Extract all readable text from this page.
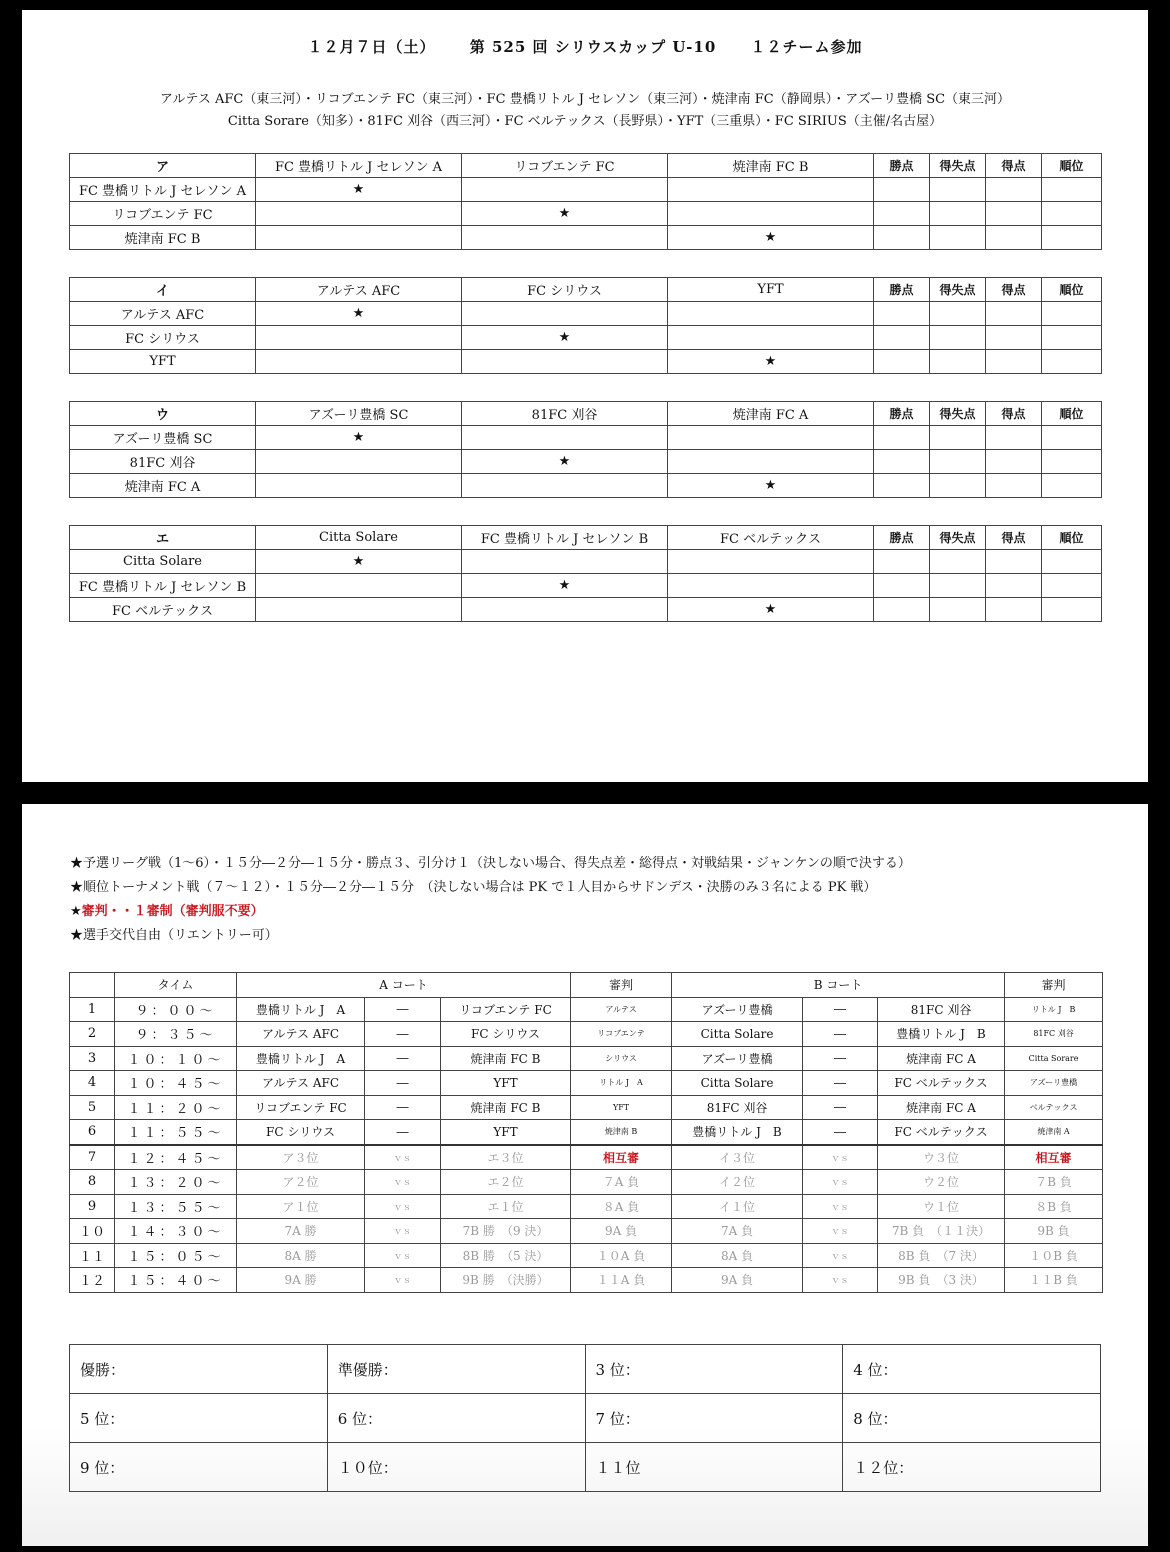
１２月７日（土） 第 525 回 シリウスカップ U-10 １２チーム参加
アルテス AFC（東三河）・リコブエンテ FC（東三河）・FC 豊橋リトル J セレソン（東三河）・焼津南 FC（静岡県）・アズーリ豊橋 SC（東三河）
Citta Sorare（知多）・81FC 刈谷（西三河）・FC ベルテックス（長野県）・YFT（三重県）・FC SIRIUS（主催/名古屋）
ア	FC 豊橋リトル J セレソン A	リコブエンテ FC	焼津南 FC B	勝点	得失点	得点	順位
FC 豊橋リトル J セレソン A	★						
リコブエンテ FC		★					
焼津南 FC B			★				
イ	アルテス AFC	FC シリウス	YFT	勝点	得失点	得点	順位
アルテス AFC	★						
FC シリウス		★					
YFT			★				
ウ	アズーリ豊橋 SC	81FC 刈谷	焼津南 FC A	勝点	得失点	得点	順位
アズーリ豊橋 SC	★						
81FC 刈谷		★					
焼津南 FC A			★				
エ	Citta Solare	FC 豊橋リトル J セレソン B	FC ベルテックス	勝点	得失点	得点	順位
Citta Solare	★						
FC 豊橋リトル J セレソン B		★					
FC ベルテックス			★				
★予選リーグ戦（1〜6）・１５分―２分―１５分・勝点３、引分け１（決しない場合、得失点差・総得点・対戦結果・ジャンケンの順で決する）
★順位トーナメント戦（７〜１２）・１５分―２分―１５分　（決しない場合は PK で１人目からサドンデス・決勝のみ３名による PK 戦）
★審判・・１審制（審判服不要）
★選手交代自由（リエントリー可）
	タイム	A コート			審判	B コート			審判
1	９：００〜	豊橋リトル J　A	―	リコブエンテ FC	アルテス	アズーリ豊橋	―	81FC 刈谷	リトル J　B
2	９：３５〜	アルテス AFC	―	FC シリウス	リコブエンテ	Citta Solare	―	豊橋リトル J　B	81FC 刈谷
3	１０：１０〜	豊橋リトル J　A	―	焼津南 FC B	シリウス	アズーリ豊橋	―	焼津南 FC A	Citta Sorare
4	１０：４５〜	アルテス AFC	―	YFT	リトル J　A	Citta Solare	―	FC ベルテックス	アズーリ豊橋
5	１１：２０〜	リコブエンテ FC	―	焼津南 FC B	YFT	81FC 刈谷	―	焼津南 FC A	ベルテックス
6	１１：５５〜	FC シリウス	―	YFT	焼津南 B	豊橋リトル J　B	―	FC ベルテックス	焼津南 A
7	１２：４５〜	ア３位	ｖｓ	エ３位	相互審	イ３位	ｖｓ	ウ３位	相互審
8	１３：２０〜	ア２位	ｖｓ	エ２位	７A 負	イ２位	ｖｓ	ウ２位	７B 負
9	１３：５５〜	ア１位	ｖｓ	エ１位	８A 負	イ１位	ｖｓ	ウ１位	８B 負
１０	１４：３０〜	7A 勝	ｖｓ	7B 勝　 （9 決）	9A 負	7A 負	ｖｓ	7B 負　 （１１決）	9B 負
１１	１５：０５〜	8A 勝	ｖｓ	8B 勝　 （5 決）	１０A 負	8A 負	ｖｓ	8B 負　 （7 決）	１０B 負
１２	１５：４０〜	9A 勝	ｖｓ	9B 勝　 （決勝）	１１A 負	9A 負	ｖｓ	9B 負　 （3 決）	１１B 負
優勝：	準優勝：	3 位：	4 位：
5 位：	6 位：	7 位：	8 位：
9 位：	１０位：	１１位	１２位：
